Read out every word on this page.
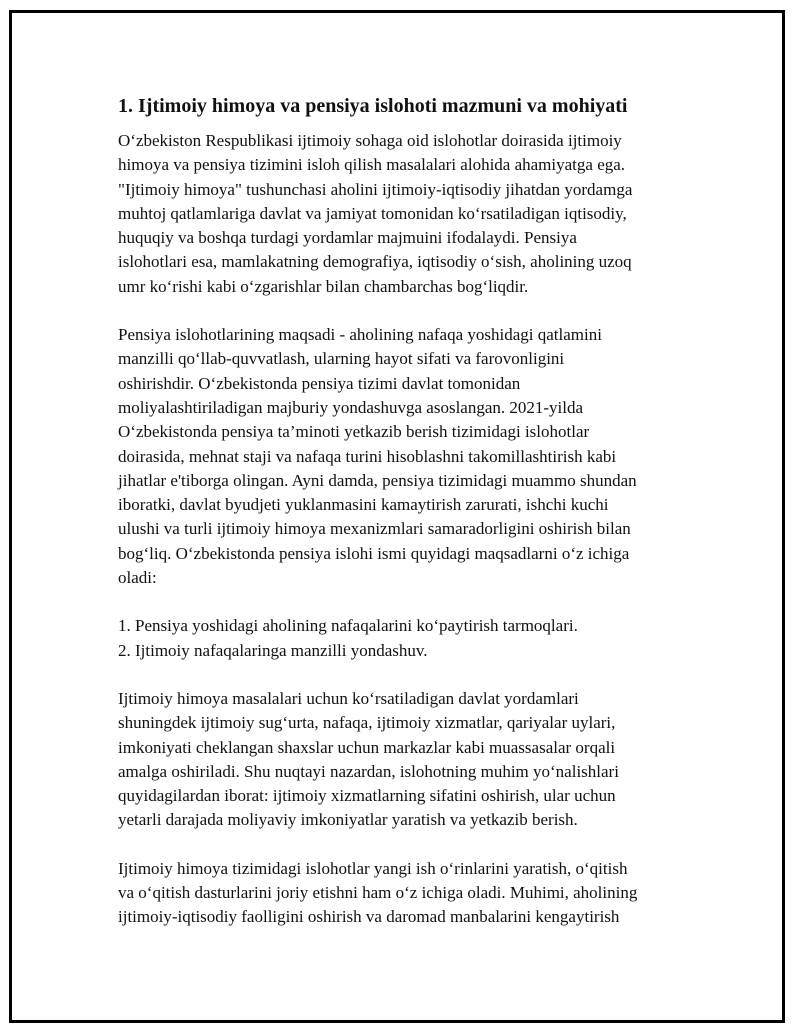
1. Ijtimoiy himoya va pensiya islohoti mazmuni va mohiyati

O‘zbekiston Respublikasi ijtimoiy sohaga oid islohotlar doirasida ijtimoiy
himoya va pensiya tizimini isloh qilish masalalari alohida ahamiyatga ega.
"Ijtimoiy himoya" tushunchasi aholini ijtimoiy-iqtisodiy jihatdan yordamga
muhtoj qatlamlariga davlat va jamiyat tomonidan ko‘rsatiladigan iqtisodiy,
huquqiy va boshqa turdagi yordamlar majmuini ifodalaydi. Pensiya
islohotlari esa, mamlakatning demografiya, iqtisodiy o‘sish, aholining uzoq
umr ko‘rishi kabi o‘zgarishlar bilan chambarchas bog‘liqdir.

Pensiya islohotlarining maqsadi - aholining nafaqa yoshidagi qatlamini
manzilli qo‘llab-quvvatlash, ularning hayot sifati va farovonligini
oshirishdir. O‘zbekistonda pensiya tizimi davlat tomonidan
moliyalashtiriladigan majburiy yondashuvga asoslangan. 2021-yilda
O‘zbekistonda pensiya ta’minoti yetkazib berish tizimidagi islohotlar
doirasida, mehnat staji va nafaqa turini hisoblashni takomillashtirish kabi
jihatlar e'tiborga olingan. Ayni damda, pensiya tizimidagi muammo shundan
iboratki, davlat byudjeti yuklanmasini kamaytirish zarurati, ishchi kuchi
ulushi va turli ijtimoiy himoya mexanizmlari samaradorligini oshirish bilan
bog‘liq. O‘zbekistonda pensiya islohi ismi quyidagi maqsadlarni o‘z ichiga
oladi:

1. Pensiya yoshidagi aholining nafaqalarini ko‘paytirish tarmoqlari.
2. Ijtimoiy nafaqalaringa manzilli yondashuv.

Ijtimoiy himoya masalalari uchun ko‘rsatiladigan davlat yordamlari
shuningdek ijtimoiy sug‘urta, nafaqa, ijtimoiy xizmatlar, qariyalar uylari,
imkoniyati cheklangan shaxslar uchun markazlar kabi muassasalar orqali
amalga oshiriladi. Shu nuqtayi nazardan, islohotning muhim yo‘nalishlari
quyidagilardan iborat: ijtimoiy xizmatlarning sifatini oshirish, ular uchun
yetarli darajada moliyaviy imkoniyatlar yaratish va yetkazib berish.

Ijtimoiy himoya tizimidagi islohotlar yangi ish o‘rinlarini yaratish, o‘qitish
va o‘qitish dasturlarini joriy etishni ham o‘z ichiga oladi. Muhimi, aholining
ijtimoiy-iqtisodiy faolligini oshirish va daromad manbalarini kengaytirish
